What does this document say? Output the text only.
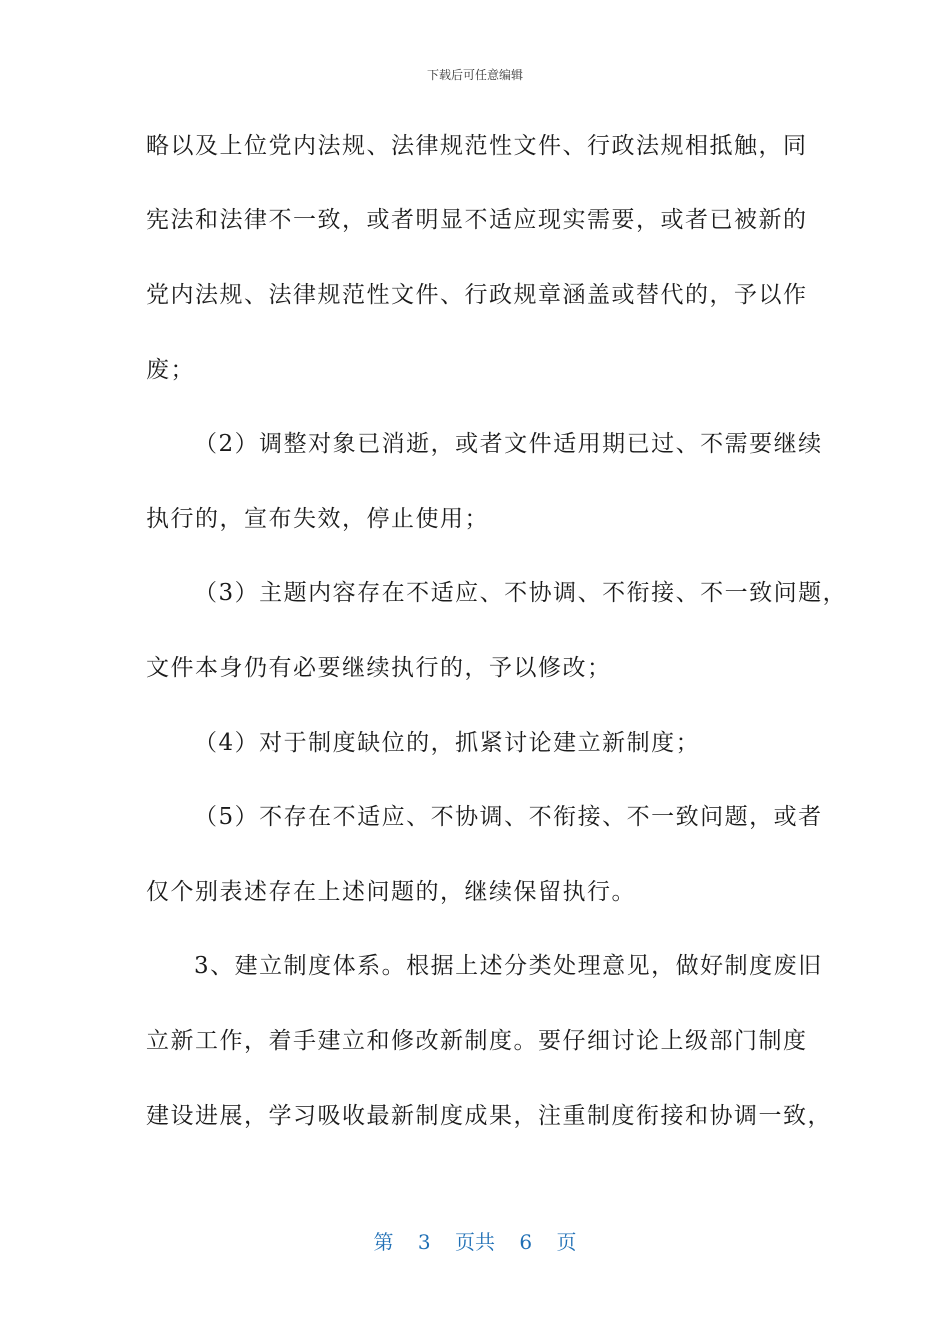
下载后可任意编辑
略以及上位党内法规、法律规范性文件、行政法规相抵触，同
宪法和法律不一致，或者明显不适应现实需要，或者已被新的
党内法规、法律规范性文件、行政规章涵盖或替代的，予以作
废；
（2）调整对象已消逝，或者文件适用期已过、不需要继续
执行的，宣布失效，停止使用；
（3）主题内容存在不适应、不协调、不衔接、不一致问题，
文件本身仍有必要继续执行的，予以修改；
（4）对于制度缺位的，抓紧讨论建立新制度；
（5）不存在不适应、不协调、不衔接、不一致问题，或者
仅个别表述存在上述问题的，继续保留执行。
3、建立制度体系。根据上述分类处理意见，做好制度废旧
立新工作，着手建立和修改新制度。要仔细讨论上级部门制度
建设进展，学习吸收最新制度成果，注重制度衔接和协调一致，
第 3 页共 6 页
